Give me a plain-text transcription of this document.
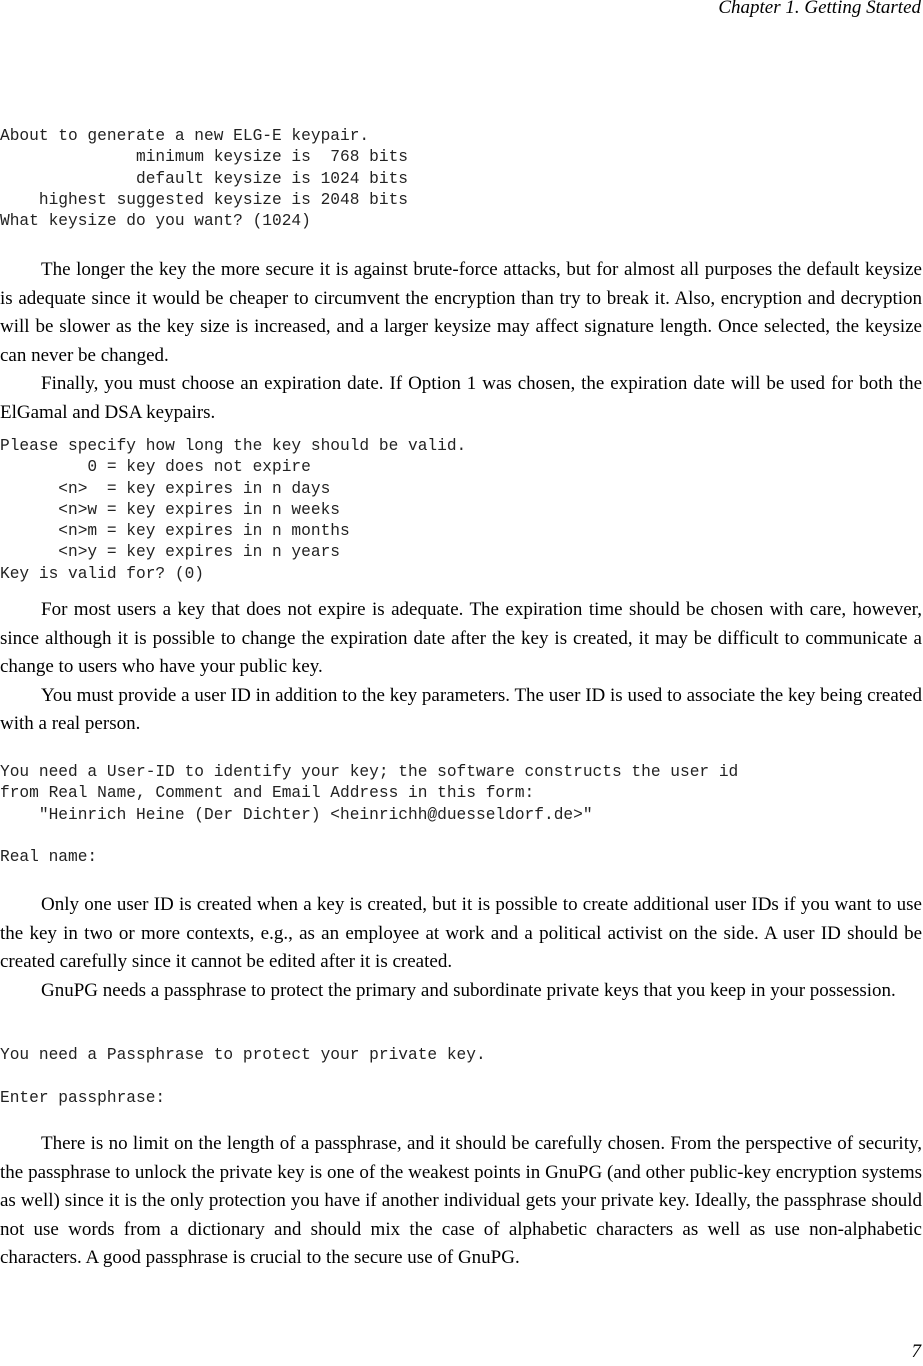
Chapter 1. Getting Started
About to generate a new ELG-E keypair.
minimum keysize is  768 bits
default keysize is 1024 bits
highest suggested keysize is 2048 bits
What keysize do you want? (1024)

The longer the key the more secure it is against brute-force attacks, but for almost all purposes the default keysize is adequate since it would be cheaper to circumvent the encryption than try to break it. Also, encryption and decryption will be slower as the key size is increased, and a larger keysize may affect signature length. Once selected, the keysize can never be changed.

Finally, you must choose an expiration date. If Option 1 was chosen, the expiration date will be used for both the ElGamal and DSA keypairs.

Please specify how long the key should be valid.
0 = key does not expire
<n>  = key expires in n days
<n>w = key expires in n weeks
<n>m = key expires in n months
<n>y = key expires in n years
Key is valid for? (0)

For most users a key that does not expire is adequate. The expiration time should be chosen with care, however, since although it is possible to change the expiration date after the key is created, it may be difficult to communicate a change to users who have your public key.

You must provide a user ID in addition to the key parameters. The user ID is used to associate the key being created with a real person.

You need a User-ID to identify your key; the software constructs the user id
from Real Name, Comment and Email Address in this form:
"Heinrich Heine (Der Dichter) <heinrichh@duesseldorf.de>"
Real name:

Only one user ID is created when a key is created, but it is possible to create additional user IDs if you want to use the key in two or more contexts, e.g., as an employee at work and a political activist on the side. A user ID should be created carefully since it cannot be edited after it is created.

GnuPG needs a passphrase to protect the primary and subordinate private keys that you keep in your possession.

You need a Passphrase to protect your private key.
Enter passphrase:

There is no limit on the length of a passphrase, and it should be carefully chosen. From the perspective of security, the passphrase to unlock the private key is one of the weakest points in GnuPG (and other public-key encryption systems as well) since it is the only protection you have if another individual gets your private key. Ideally, the passphrase should not use words from a dictionary and should mix the case of alphabetic characters as well as use non-alphabetic characters. A good passphrase is crucial to the secure use of GnuPG.

7
